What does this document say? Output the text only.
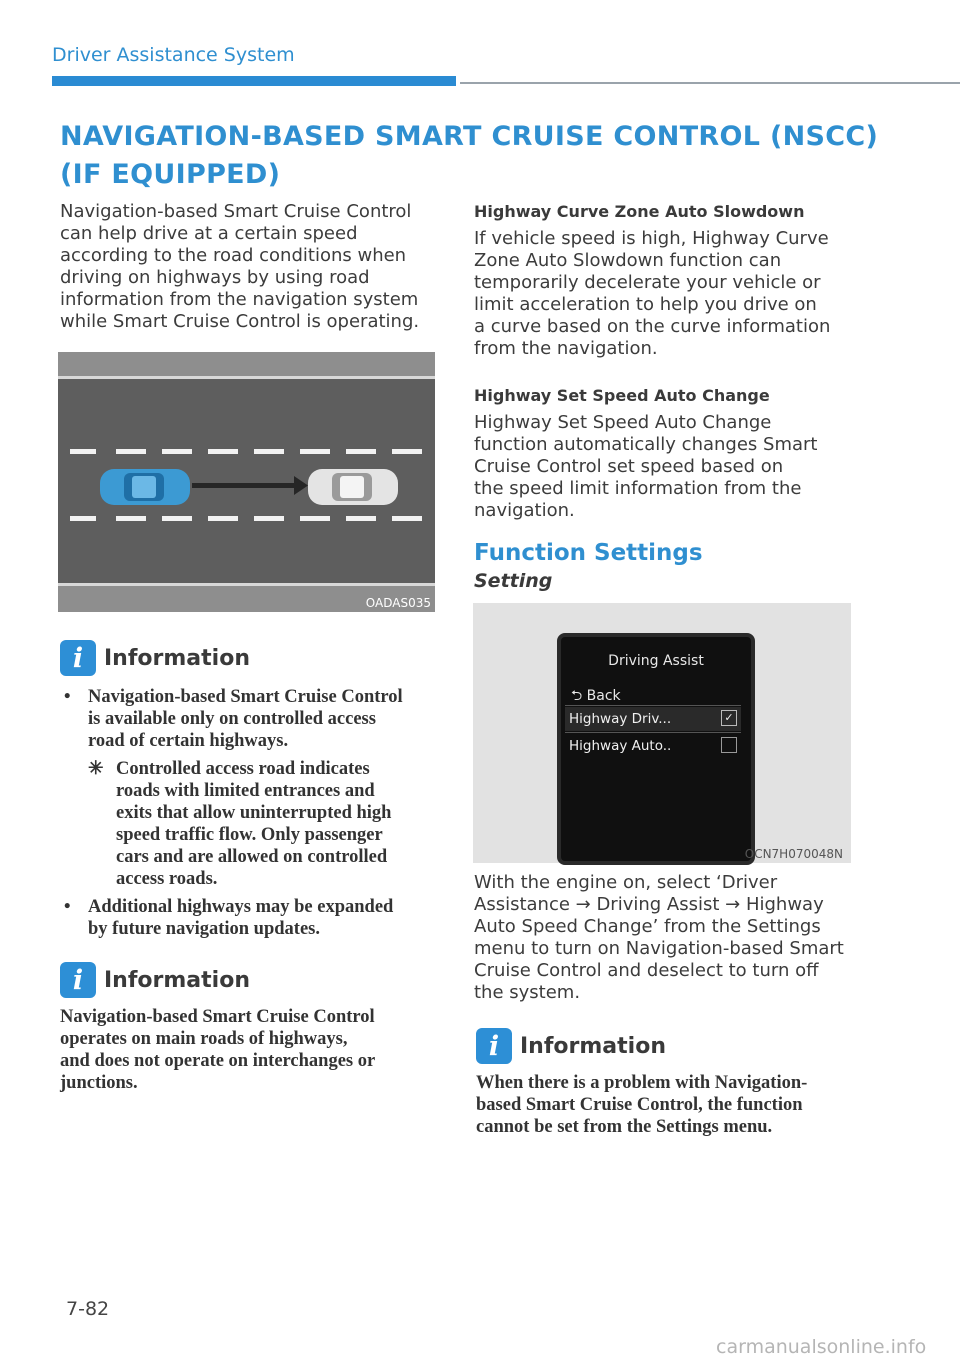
Driver Assistance System
NAVIGATION-BASED SMART CRUISE CONTROL (NSCC)
(IF EQUIPPED)
Navigation-based Smart Cruise Control
can help drive at a certain speed
according to the road conditions when
driving on highways by using road
information from the navigation system
while Smart Cruise Control is operating.
OADAS035
i Information
• Navigation-based Smart Cruise Control
is available only on controlled access
road of certain highways.
✳ Controlled access road indicates
roads with limited entrances and
exits that allow uninterrupted high
speed traffic flow. Only passenger
cars and are allowed on controlled
access roads.
• Additional highways may be expanded
by future navigation updates.
i Information
Navigation-based Smart Cruise Control
operates on main roads of highways,
and does not operate on interchanges or
junctions.
Highway Curve Zone Auto Slowdown
If vehicle speed is high, Highway Curve
Zone Auto Slowdown function can
temporarily decelerate your vehicle or
limit acceleration to help you drive on
a curve based on the curve information
from the navigation.
Highway Set Speed Auto Change
Highway Set Speed Auto Change
function automatically changes Smart
Cruise Control set speed based on
the speed limit information from the
navigation.
Function Settings
Setting
Driving Assist
⮌ Back
Highway Driv...	✓
Highway Auto..
OCN7H070048N
With the engine on, select ‘Driver
Assistance → Driving Assist → Highway
Auto Speed Change’ from the Settings
menu to turn on Navigation-based Smart
Cruise Control and deselect to turn off
the system.
i Information
When there is a problem with Navigation-
based Smart Cruise Control, the function
cannot be set from the Settings menu.
7-82
carmanualsonline.info
